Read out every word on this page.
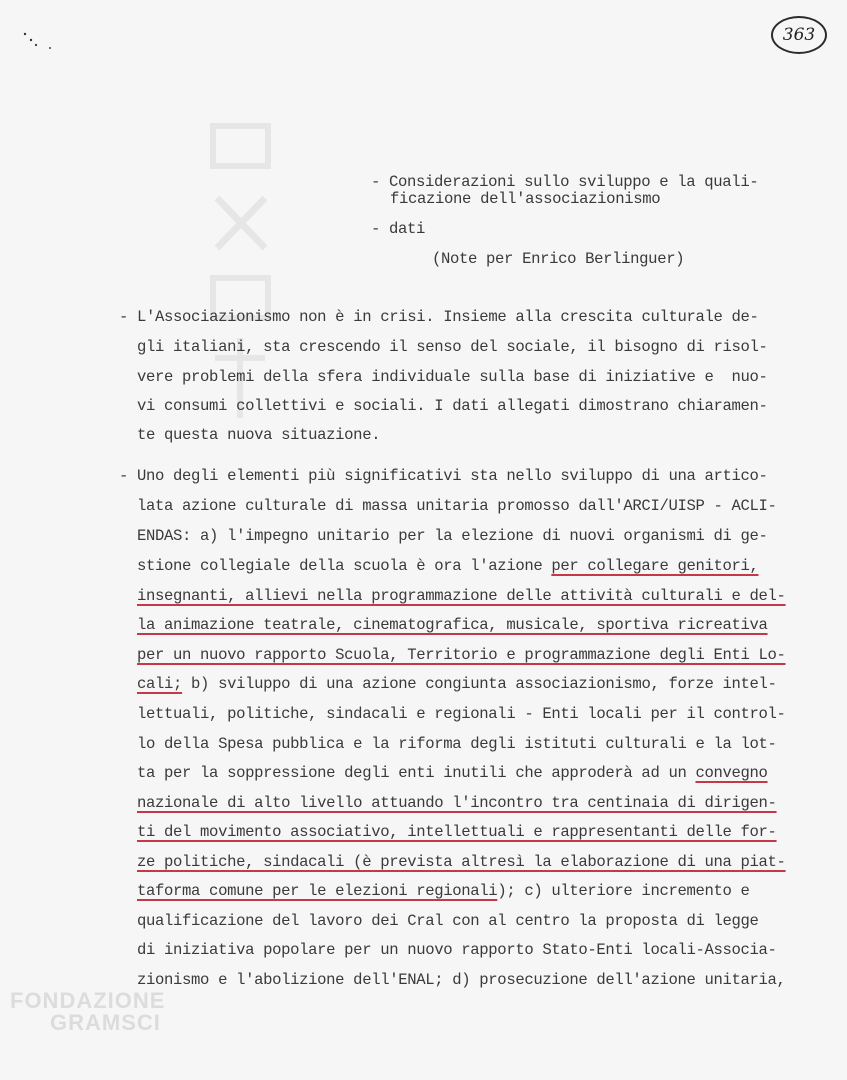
363
- Considerazioni sullo sviluppo e la quali-
ficazione dell'associazionismo
- dati
(Note per Enrico Berlinguer)
- L'Associazionismo non è in crisi. Insieme alla crescita culturale de-
gli italiani, sta crescendo il senso del sociale, il bisogno di risol-
vere problemi della sfera individuale sulla base di iniziative e  nuo-
vi consumi collettivi e sociali. I dati allegati dimostrano chiaramen-
te questa nuova situazione.
- Uno degli elementi più significativi sta nello sviluppo di una artico-
lata azione culturale di massa unitaria promosso dall'ARCI/UISP - ACLI-
ENDAS: a) l'impegno unitario per la elezione di nuovi organismi di ge-
stione collegiale della scuola è ora l'azione per collegare genitori,
insegnanti, allievi nella programmazione delle attività culturali e del-
la animazione teatrale, cinematografica, musicale, sportiva ricreativa
per un nuovo rapporto Scuola, Territorio e programmazione degli Enti Lo-
cali; b) sviluppo di una azione congiunta associazionismo, forze intel-
lettuali, politiche, sindacali e regionali - Enti locali per il control-
lo della Spesa pubblica e la riforma degli istituti culturali e la lot-
ta per la soppressione degli enti inutili che approderà ad un convegno
nazionale di alto livello attuando l'incontro tra centinaia di dirigen-
ti del movimento associativo, intellettuali e rappresentanti delle for-
ze politiche, sindacali (è prevista altresì la elaborazione di una piat-
taforma comune per le elezioni regionali); c) ulteriore incremento e
qualificazione del lavoro dei Cral con al centro la proposta di legge
di iniziativa popolare per un nuovo rapporto Stato-Enti locali-Associa-
zionismo e l'abolizione dell'ENAL; d) prosecuzione dell'azione unitaria,
FONDAZIONE
GRAMSCI
